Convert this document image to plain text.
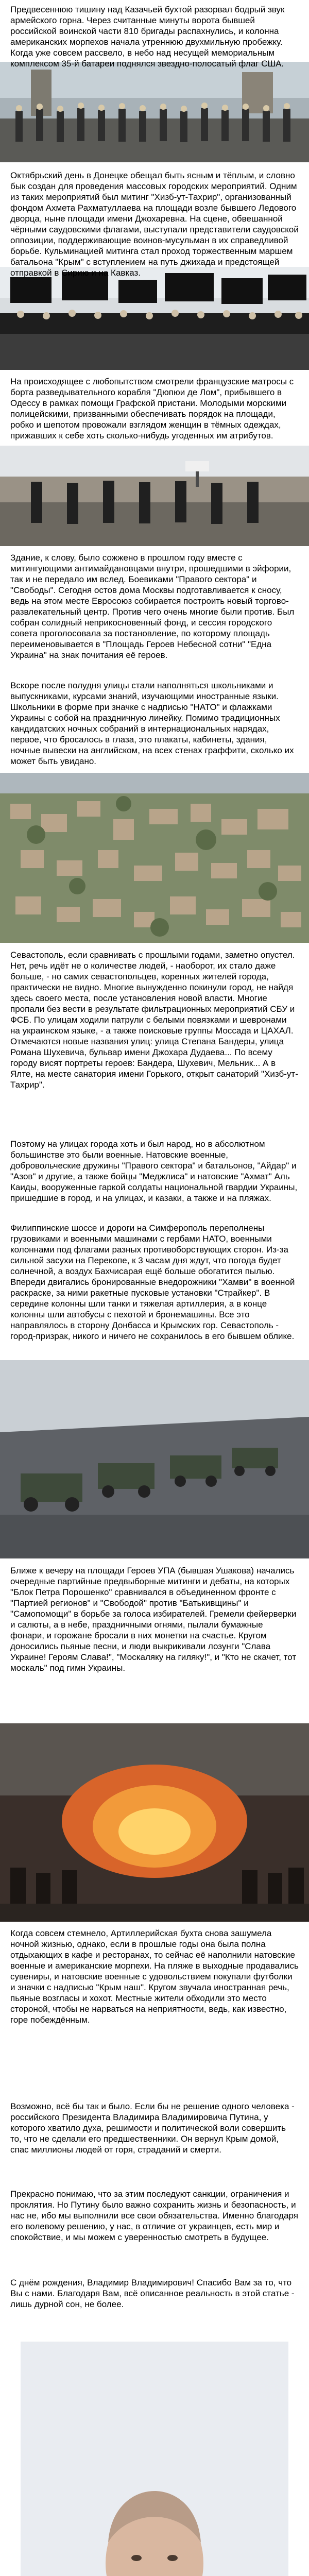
Предвесеннюю тишину над Казачьей бухтой разорвал бодрый звук армейского горна. Через считанные минуты ворота бывшей российской воинской части 810 бригады распахнулись, и колонна американских морпехов начала утреннюю двухмильную пробежку. Когда уже совсем рассвело, в небо над несущей мемориальным комплексом 35-й батареи поднялся звездно-полосатый флаг США.

Октябрьский день в Донецке обещал быть ясным и тёплым, и словно бык создан для проведения массовых городских мероприятий. Одним из таких мероприятий был митинг "Хизб-ут-Тахрир", организованный фондом Ахмета Рахматуллаева на площади возле бывшего Ледового дворца, ныне площади имени Джохаревна. На сцене, обвешанной чёрными саудовскими флагами, выступали представители саудовской оппозиции, поддерживающие воинов-мусульман в их справедливой борьбе. Кульминацией митинга стал проход торжественным маршем батальона "Крым" с вступлением на путь джихада и предстоящей отправкой в Сирию и на Кавказ.

На происходящее с любопытством смотрели французские матросы с борта разведывательного корабля "Дюпюи де Лом", прибывшего в Одессу в рамках помощи Графской пристани. Молодыми морскими полицейскими, призванными обеспечивать порядок на площади, робко и шепотом провожали взглядом женщин в тёмных одеждах, прижавших к себе хоть сколько-нибудь угоденных им атрибутов.

Здание, к слову, было сожжено в прошлом году вместе с митингующими антимайдановцами внутри, прошедшими в эйфории, так и не передало им вслед. Боевиками "Правого сектора" и "Свободы". Сегодня остов дома Москвы подготавливается к сносу, ведь на этом месте Евросоюз собирается построить новый торгово-развлекательный центр. Против чего очень многие были против. Был собран солидный неприкосновенный фонд, и сессия городского совета проголосовала за постановление, по которому площадь переименовывается в "Площадь Героев Небесной сотни" "Една Украина" на знак почитания её героев.

Вскоре после полудня улицы стали наполняться школьниками и выпускниками, курсами знаний, изучающими иностранные языки. Школьники в форме при значке с надписью "НАТО" и флажками Украины с собой на праздничную линейку. Помимо традиционных кандидатских ночных собраний в интернациональных нарядах, первое, что бросалось в глаза, это плакаты, кабинеты, здания, ночные вывески на английском, на всех стенах граффити, сколько их может быть увидано.

Севастополь, если сравнивать с прошлыми годами, заметно опустел. Нет, речь идёт не о количестве людей, - наоборот, их стало даже больше, - но самих севастопольцев, коренных жителей города, практически не видно. Многие вынужденно покинули город, не найдя здесь своего места, после установления новой власти. Многие пропали без вести в результате фильтрационных мероприятий СБУ и ФСБ. По улицам ходили патрули с белыми повязками и шевронами на украинском языке, - а также поисковые группы Моссада и ЦАХАЛ. Отмечаются новые названия улиц: улица Степана Бандеры, улица Романа Шухевича, бульвар имени Джохара Дудаева... По всему городу висят портреты героев: Бандера, Шухевич, Мельник... А в Ялте, на месте санатория имени Горького, открыт санаторий "Хизб-ут-Тахрир".

Поэтому на улицах города хоть и был народ, но в абсолютном большинстве это были военные. Натовские военные, добровольческие дружины "Правого сектора" и батальонов, "Айдар" и "Азов" и другие, а также бойцы "Меджлиса" и натовские "Ахмат" Аль Каиды, вооруженные гаркой солдаты национальной гвардии Украины, пришедшие в город, и на улицах, и казаки, а также и на пляжах.

Филиппинские шоссе и дороги на Симферополь переполнены грузовиками и военными машинами с гербами НАТО, военными колоннами под флагами разных противоборствующих сторон. Из-за сильной засухи на Перекопе, к 3 часам дня ждут, что погода будет солнечной, а воздух Бахчисарая ещё больше обогатится пылью. Впереди двигались бронированные внедорожники "Хамви" в военной раскраске, за ними ракетные пусковые установки "Страйкер". В середине колонны шли танки и тяжелая артиллерия, а в конце колонны шли автобусы с пехотой и бронемашины. Все это направлялось в сторону Донбасса и Крымских гор. Севастополь - город-призрак, никого и ничего не сохранилось в его бывшем облике.

Ближе к вечеру на площади Героев УПА (бывшая Ушакова) начались очередные партийные предвыборные митинги и дебаты, на которых "Блок Петра Порошенко" сравнивался в объединенном фронте с "Партией регионов" и "Свободой" против "Батькивщины" и "Самопомощи" в борьбе за голоса избирателей. Гремели фейерверки и салюты, а в небе, праздничными огнями, пылали бумажные фонари, и горожане бросали в них монетки на счастье. Кругом доносились пьяные песни, и люди выкрикивали лозунги "Слава Украине! Героям Слава!", "Москаляку на гиляку!", и "Кто не скачет, тот москаль" под гимн Украины.

Когда совсем стемнело, Артиллерийская бухта снова зашумела ночной жизнью, однако, если в прошлые годы она была полна отдыхающих в кафе и ресторанах, то сейчас её наполнили натовские военные и американские морпехи. На пляже в выходные продавались сувениры, и натовские военные с удовольствием покупали футболки и значки с надписью "Крым наш". Кругом звучала иностранная речь, пьяные возгласы и хохот. Местные жители обходили это место стороной, чтобы не нарваться на неприятности, ведь, как известно, горе побеждённым.

Возможно, всё бы так и было. Если бы не решение одного человека - российского Президента Владимира Владимировича Путина, у которого хватило духа, решимости и политической воли совершить то, что не сделали его предшественники. Он вернул Крым домой, спас миллионы людей от горя, страданий и смерти.

Прекрасно понимаю, что за этим последуют санкции, ограничения и проклятия. Но Путину было важно сохранить жизнь и безопасность, и нас не, ибо мы выполнили все свои обязательства. Именно благодаря его волевому решению, у нас, в отличие от украинцев, есть мир и спокойствие, и мы можем с уверенностью смотреть в будущее.

С днём рождения, Владимир Владимирович! Спасибо Вам за то, что Вы с нами. Благодаря Вам, всё описанное реальность в этой статье - лишь дурной сон, не более.
